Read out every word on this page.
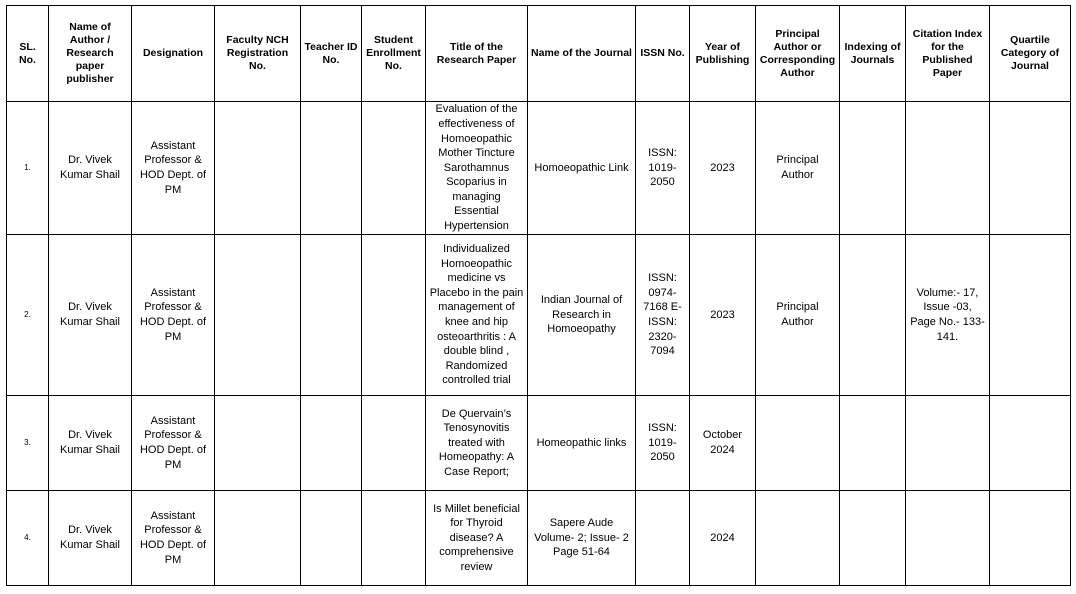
SL. No.	Name of Author / Research paper publisher	Designation	Faculty NCH Registration No.	Teacher ID No.	Student Enrollment No.	Title of the Research Paper	Name of the Journal	ISSN No.	Year of Publishing	Principal Author or Corresponding Author	Indexing of Journals	Citation Index for the Published Paper	Quartile Category of Journal
1.	Dr. Vivek Kumar Shail	Assistant Professor & HOD Dept. of PM				Evaluation of the effectiveness of Homoeopathic Mother Tincture Sarothamnus Scoparius in managing Essential Hypertension	Homoeopathic Link	ISSN: 1019-2050	2023	Principal Author			
2.	Dr. Vivek Kumar Shail	Assistant Professor & HOD Dept. of PM				Individualized Homoeopathic medicine vs Placebo in the pain management of knee and hip osteoarthritis : A double blind , Randomized controlled trial	Indian Journal of Research in Homoeopathy	ISSN: 0974-7168 E-ISSN: 2320-7094	2023	Principal Author		Volume:- 17, Issue -03, Page No.- 133-141.	
3.	Dr. Vivek Kumar Shail	Assistant Professor & HOD Dept. of PM				De Quervain’s Tenosynovitis treated with Homeopathy: A Case Report;	Homeopathic links	ISSN: 1019-2050	October 2024				
4.	Dr. Vivek Kumar Shail	Assistant Professor & HOD Dept. of PM				Is Millet beneficial for Thyroid disease? A comprehensive review	Sapere Aude Volume- 2; Issue- 2 Page 51-64		2024				
